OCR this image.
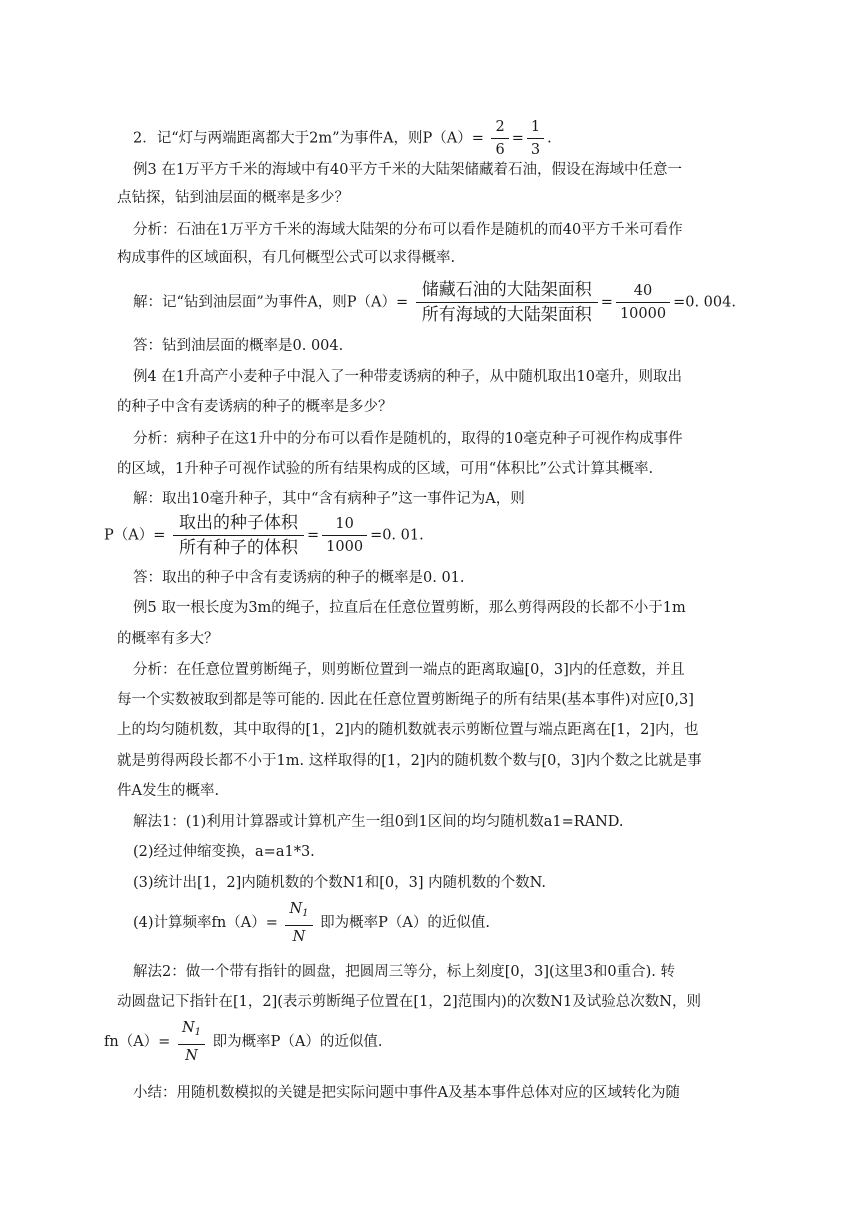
2．记“灯与两端距离都大于2m”为事件A，则$P(A)= \frac{2}{6} = \frac{1}{3}$ .
例3 在1万平方千米的海域中有40平方千米的大陆架储藏着石油，假设在海域中任意一
点钻探，钻到油层面的概率是多少？
分析：石油在1万平方千米的海域大陆架的分布可以看作是随机的而40平方千米可看作
构成事件的区域面积，有几何概型公式可以求得概率.
解：记“钻到油层面”为事件A，则$P(A)= \frac{\text{储藏石油的大陆架面积}}{\text{所有海域的大陆架面积}} = \frac{40}{10000} =0$. 004.
答：钻到油层面的概率是0. 004.
例4 在1升高产小麦种子中混入了一种带麦诱病的种子，从中随机取出10毫升，则取出
的种子中含有麦诱病的种子的概率是多少？
分析：病种子在这1升中的分布可以看作是随机的，取得的10毫克种子可视作构成事件
的区域，1升种子可视作试验的所有结果构成的区域，可用“体积比”公式计算其概率.
解：取出10毫升种子，其中“含有病种子”这一事件记为A，则
$P(A)= \frac{\text{取出的种子体积}}{\text{所有种子的体积}} = \frac{10}{1000} =0$. 01.
答：取出的种子中含有麦诱病的种子的概率是0. 01.
例5 取一根长度为3m的绳子，拉直后在任意位置剪断，那么剪得两段的长都不小于1m
的概率有多大？
分析：在任意位置剪断绳子，则剪断位置到一端点的距离取遍[0，3]内的任意数，并且
每一个实数被取到都是等可能的. 因此在任意位置剪断绳子的所有结果(基本事件)对应[0,3]
上的均匀随机数，其中取得的[1，2]内的随机数就表示剪断位置与端点距离在[1，2]内，也
就是剪得两段长都不小于1m. 这样取得的[1，2]内的随机数个数与[0，3]内个数之比就是事
件A发生的概率.
解法1：(1)利用计算器或计算机产生一组0到1区间的均匀随机数a1=RAND.
(2)经过伸缩变换，a=a1*3.
(3)统计出[1，2]内随机数的个数N1和[0，3] 内随机数的个数N.
(4)计算频率$fn(A)= \frac{N_1}{N}$ 即为概率P（A）的近似值.
解法2：做一个带有指针的圆盘，把圆周三等分，标上刻度[0，3](这里3和0重合). 转
动圆盘记下指针在[1，2](表示剪断绳子位置在[1，2]范围内)的次数N1及试验总次数N，则
$fn(A)= \frac{N_1}{N}$ 即为概率P（A）的近似值.
小结：用随机数模拟的关键是把实际问题中事件A及基本事件总体对应的区域转化为随
